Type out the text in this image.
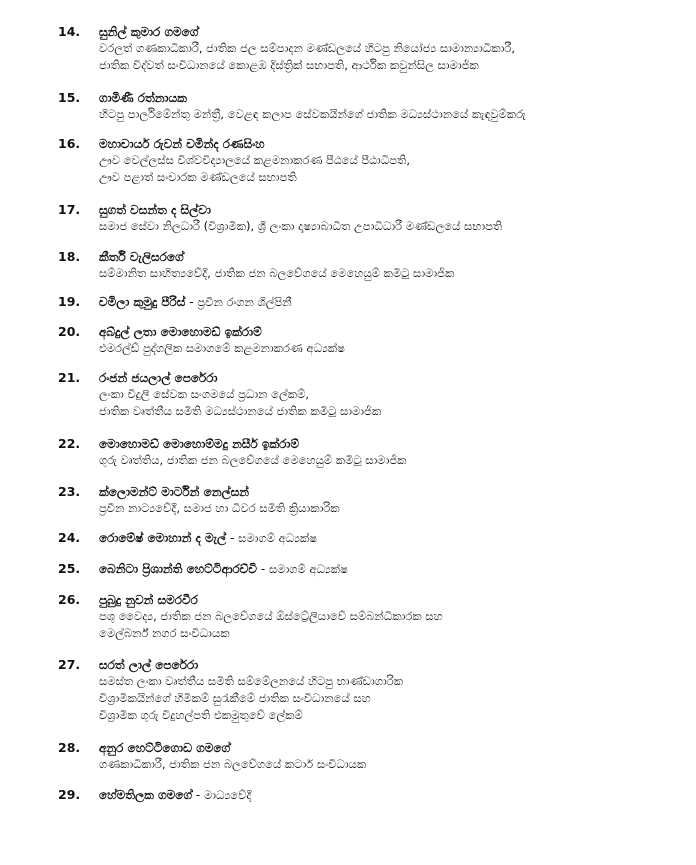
14. සුනිල් කුමාර ගමගේ
වරලත් ගණකාධිකාරී, ජාතික ජල සම්පාදන මණ්ඩලයේ හිටපු නියෝජ්‍ය සාමාන්‍යාධිකාරී,
ජාතික විද්වත් සංවිධානයේ කොළඹ දිස්ත්‍රික් සභාපති, ආර්ථික කවුන්සිල සාමාජික
15. ගාමිණී රත්නායක
හිටපු පාර්ලිමේන්තු මන්ත්‍රී, වෙළඳ කලාප සේවකයින්ගේ ජාතික මධ්‍යස්ථානයේ කැඳවුම්කරු
16. මහාචාර්ය රුවන් චමින්ද රණසිංහ
ඌව වෙල්ලස්ස විශ්වවිද්‍යාලයේ කළමනාකරණ පීඨයේ පීඨාධිපති,
ඌව පළාත් සංචාරක මණ්ඩලයේ සභාපති
17. සුගත් වසන්ත ද සිල්වා
සමාජ සේවා නිලධාරී (විශ්‍රාමික), ශ්‍රී ලංකා දෘෂ්‍යාබාධිත උපාධිධාරී මණ්ඩලයේ සභාපති
18. කීර්ති වැලිසරගේ
සම්මානිත සාහිත්‍යවේදී, ජාතික ජන බලවේගයේ මෙහෙයුම් කමිටු සාමාජික
19. චමිලා කුමුදු පීරිස් - ප්‍රවීන රංගන ශිල්පිනී
20. අබ්දුල් ලතා මොහොමඩ් ඉක්රාම්
එමරල්ඩ් පුද්ගලික සමාගමේ කළමනාකරණ අධ්‍යක්ෂ
21. රංජන් ජයලාල් පෙරේරා
ලංකා විදුලි සේවක සංගමයේ ප්‍රධාන ලේකම්,
ජාතික වෘත්තීය සමිති මධ්‍යස්ථානයේ ජාතික කමිටු සාමාජික
22. මොහොමඩ් මොහොම්මදු නසීර් ඉක්රාම්
ගුරු වෘත්තිය, ජාතික ජන බලවේගයේ මෙහෙයුම් කමිටු සාමාජික
23. ක්ලොමන්ට් මාර්ටින් නෙල්සන්
ප්‍රවීන නාට්‍යවේදී, සමාජ හා ධීවර සමිති ක්‍රියාකාරික
24. රොමේෂ් මොහාන් ද මැල් - සමාගම් අධ්‍යක්ෂ
25. බෙනිටා ප්‍රිශාන්ති හෙට්ටිආරච්චි - සමාගම් අධ්‍යක්ෂ
26. පුබුදු නුවන් සමරවීර
පශු වෛද්‍ය, ජාතික ජන බලවේගයේ ඕස්ට්‍රේලියාවේ සම්බන්ධීකාරක සහ
මෙල්බර්න් නගර සංවිධායක
27. සරත් ලාල් පෙරේරා
සමස්ත ලංකා වෘත්තීය සමිති සම්මේලනයේ හිටපු භාණ්ඩාගාරික
විශ්‍රාමිකයින්ගේ හිමිකම් සුරැකීමේ ජාතික සංවිධානයේ සහ
විශ්‍රාමික ගුරු විදුහල්පති එකමුතුවේ ලේකම්
28. අනුර හෙට්ටිගොඩ ගමගේ
ගණකාධිකාරී, ජාතික ජන බලවේගයේ කටාර් සංවිධායක
29. හේමතිලක ගමගේ - මාධ්‍යවේදී
